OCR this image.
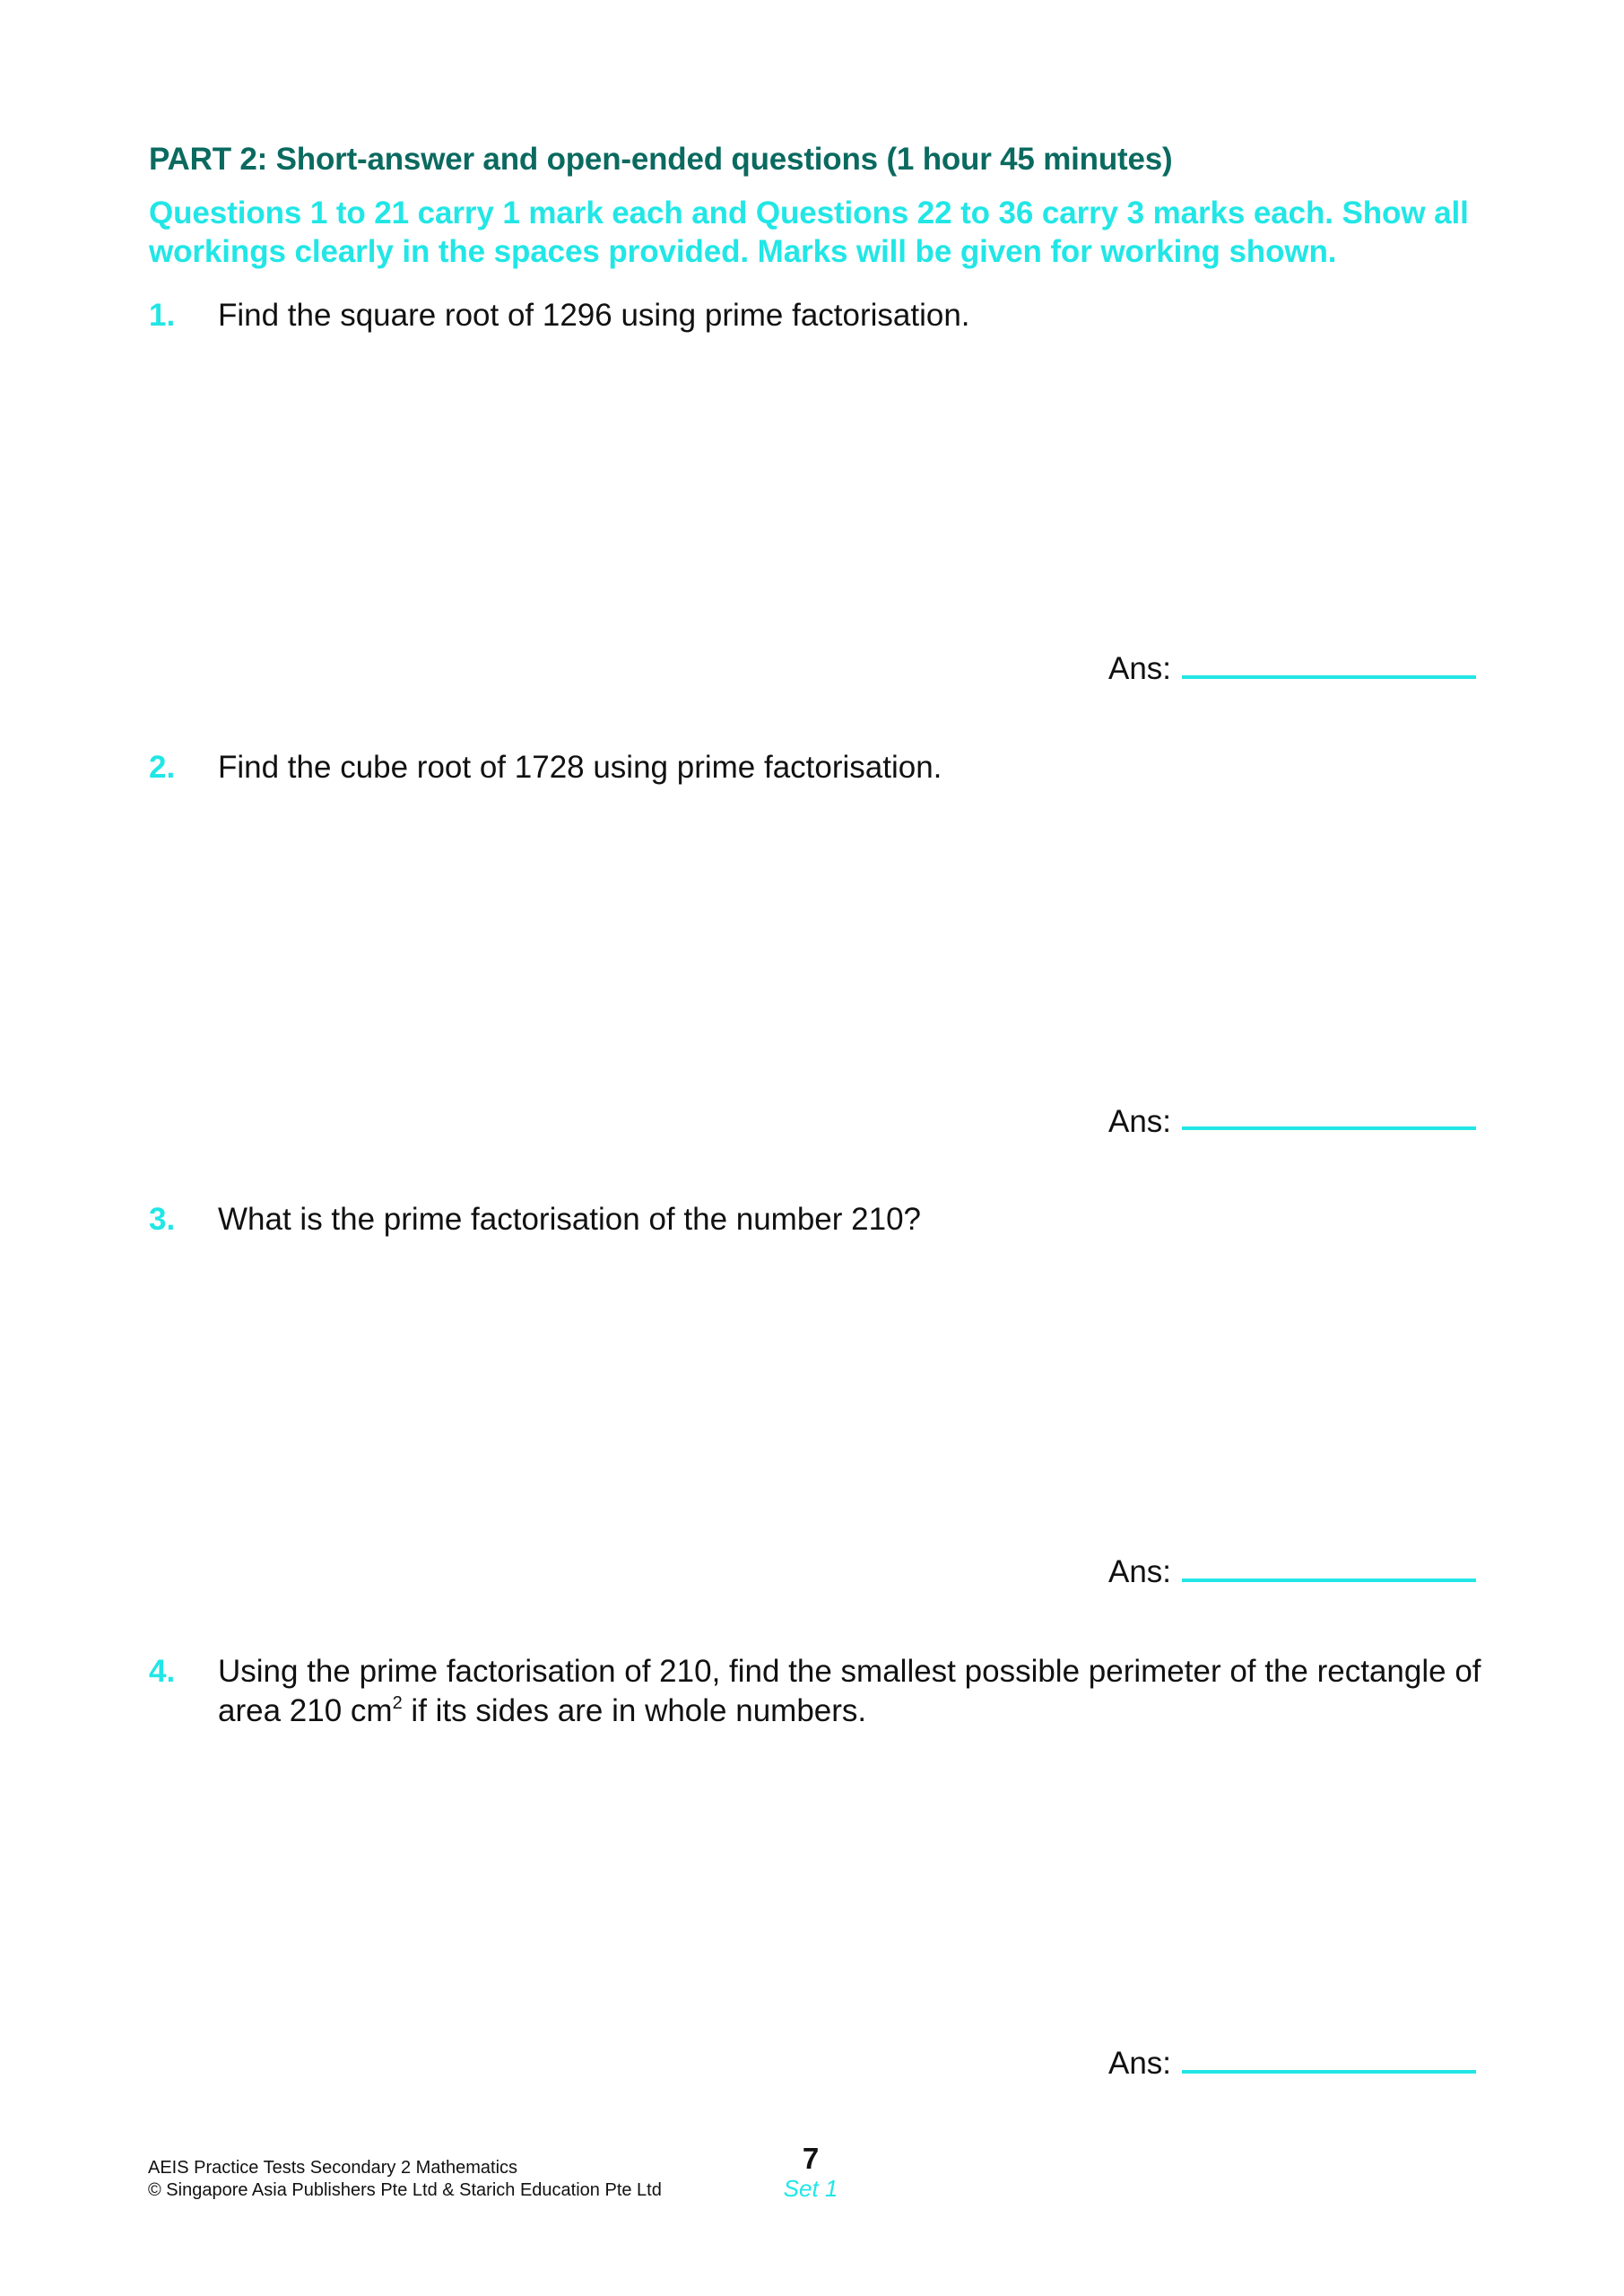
PART 2: Short-answer and open-ended questions (1 hour 45 minutes)
Questions 1 to 21 carry 1 mark each and Questions 22 to 36 carry 3 marks each. Show all workings clearly in the spaces provided. Marks will be given for working shown.
1. Find the square root of 1296 using prime factorisation.
Ans:
2. Find the cube root of 1728 using prime factorisation.
Ans:
3. What is the prime factorisation of the number 210?
Ans:
4. Using the prime factorisation of 210, find the smallest possible perimeter of the rectangle of area 210 $cm^2$ if its sides are in whole numbers.
Ans:
AEIS Practice Tests Secondary 2 Mathematics
© Singapore Asia Publishers Pte Ltd & Starich Education Pte Ltd
7
Set 1
